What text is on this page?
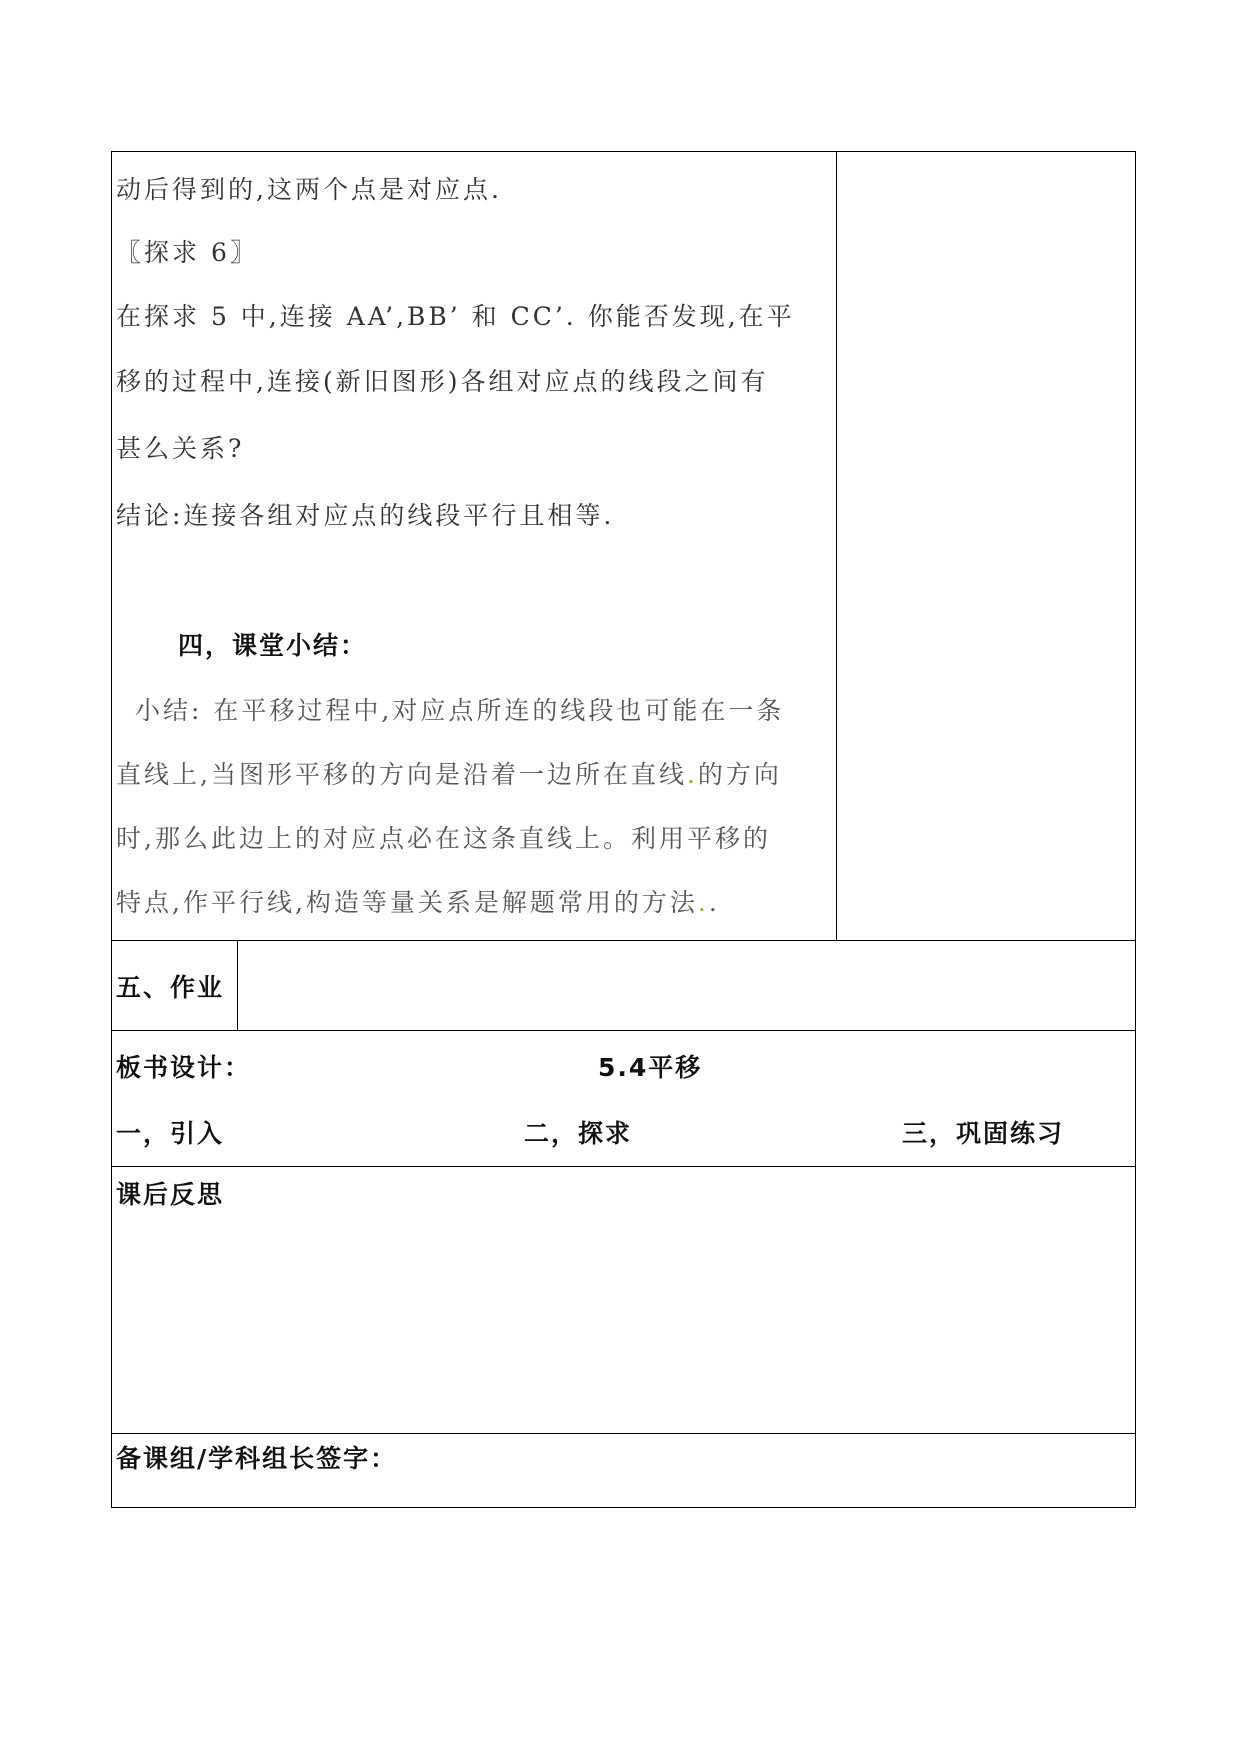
动后得到的,这两个点是对应点.
〖探求 6〗
在探求 5 中,连接 AA’,BB’ 和 CC’. 你能否发现,在平
移的过程中,连接(新旧图形)各组对应点的线段之间有
甚么关系?
结论:连接各组对应点的线段平行且相等.
四，课堂小结：
小结: 在平移过程中,对应点所连的线段也可能在一条
直线上,当图形平移的方向是沿着一边所在直线.的方向
时,那么此边上的对应点必在这条直线上。利用平移的
特点,作平行线,构造等量关系是解题常用的方法..
五、作业
板书设计：	5.4平移
一，引入	二，探求	三，巩固练习
课后反思
备课组/学科组长签字：
